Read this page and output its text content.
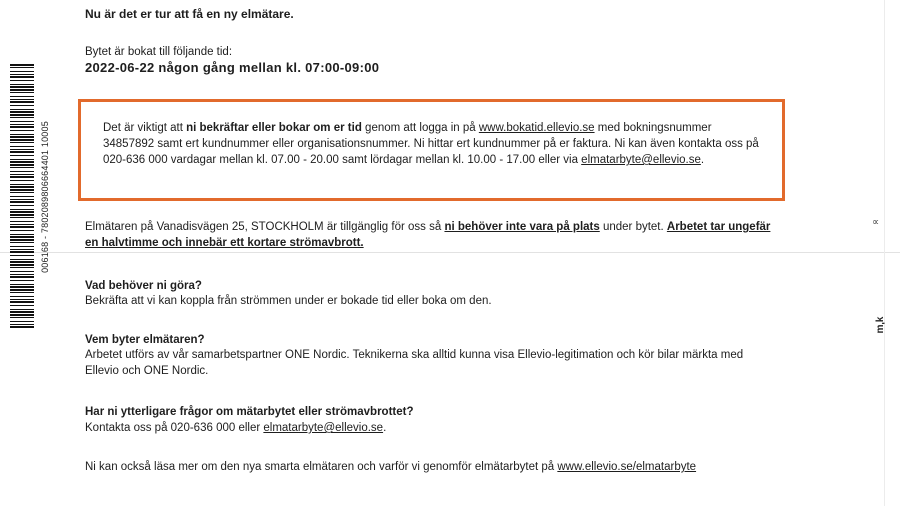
006168 - 7802089806664401 10005	∝
ʞ'ɯ
Nu är det er tur att få en ny elmätare.

Bytet är bokat till följande tid:

2022-06-22 någon gång mellan kl. 07:00-09:00

Det är viktigt att ni bekräftar eller bokar om er tid genom att logga in på www.bokatid.ellevio.se med bokningsnummer 34857892 samt ert kundnummer eller organisationsnummer. Ni hittar ert kundnummer på er faktura. Ni kan även kontakta oss på 020-636 000 vardagar mellan kl. 07.00 - 20.00 samt lördagar mellan kl. 10.00 - 17.00 eller via elmatarbyte@ellevio.se.

Elmätaren på Vanadisvägen 25, STOCKHOLM är tillgänglig för oss så ni behöver inte vara på plats under bytet. Arbetet tar ungefär en halvtimme och innebär ett kortare strömavbrott.

Vad behöver ni göra?

Bekräfta att vi kan koppla från strömmen under er bokade tid eller boka om den.

Vem byter elmätaren?

Arbetet utförs av vår samarbetspartner ONE Nordic. Teknikerna ska alltid kunna visa Ellevio-legitimation och kör bilar märkta med Ellevio och ONE Nordic.

Har ni ytterligare frågor om mätarbytet eller strömavbrottet?

Kontakta oss på 020-636 000 eller elmatarbyte@ellevio.se.

Ni kan också läsa mer om den nya smarta elmätaren och varför vi genomför elmätarbytet på www.ellevio.se/elmatarbyte
